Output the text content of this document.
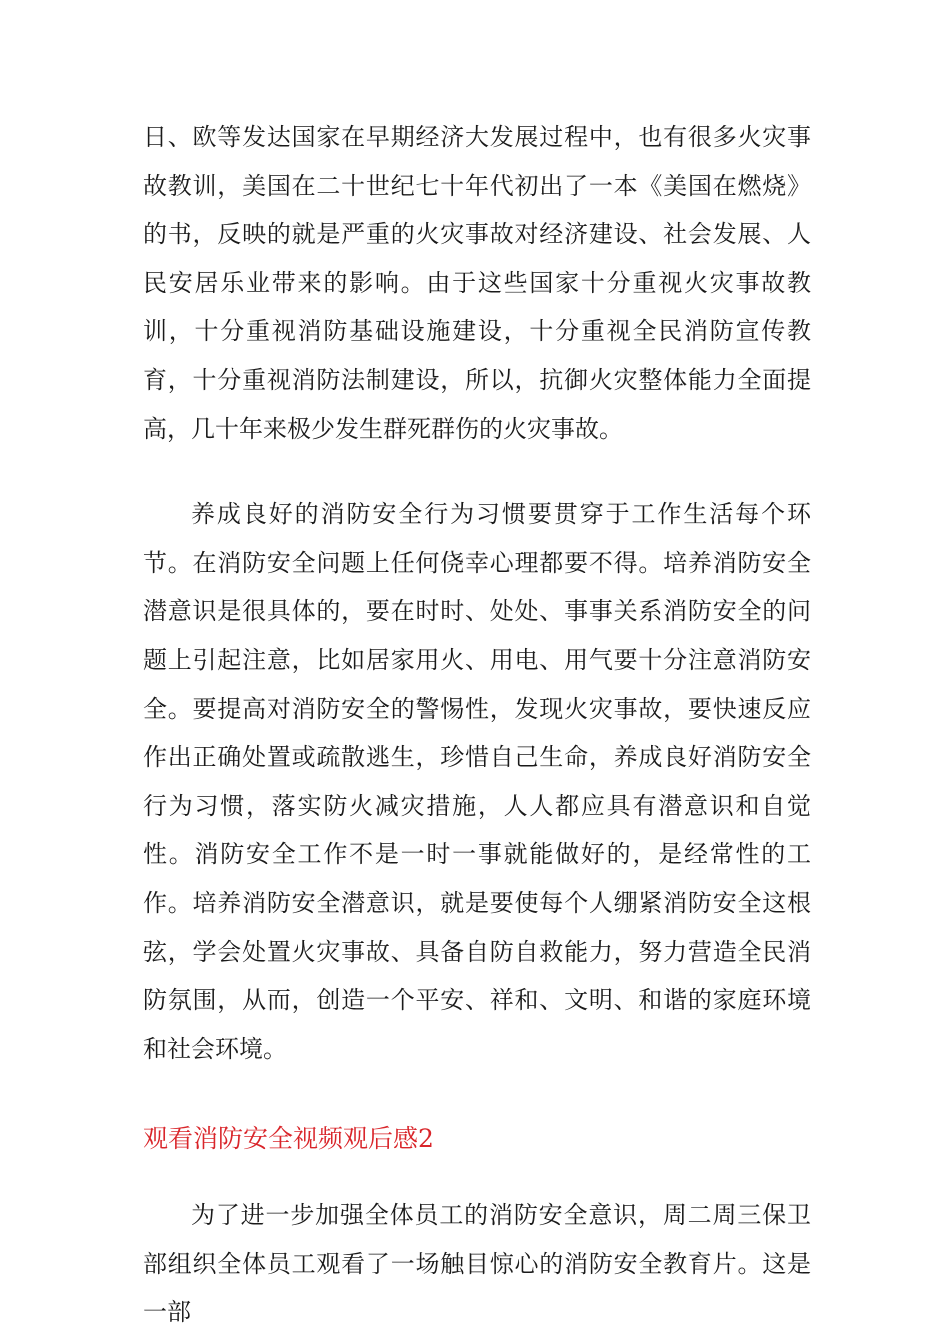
日、欧等发达国家在早期经济大发展过程中，也有很多火灾事故教训，美国在二十世纪七十年代初出了一本《美国在燃烧》的书，反映的就是严重的火灾事故对经济建设、社会发展、人民安居乐业带来的影响。由于这些国家十分重视火灾事故教训，十分重视消防基础设施建设，十分重视全民消防宣传教育，十分重视消防法制建设，所以，抗御火灾整体能力全面提高，几十年来极少发生群死群伤的火灾事故。

养成良好的消防安全行为习惯要贯穿于工作生活每个环节。在消防安全问题上任何侥幸心理都要不得。培养消防安全潜意识是很具体的，要在时时、处处、事事关系消防安全的问题上引起注意，比如居家用火、用电、用气要十分注意消防安全。要提高对消防安全的警惕性，发现火灾事故，要快速反应作出正确处置或疏散逃生，珍惜自己生命，养成良好消防安全行为习惯，落实防火减灾措施，人人都应具有潜意识和自觉性。消防安全工作不是一时一事就能做好的，是经常性的工作。培养消防安全潜意识，就是要使每个人绷紧消防安全这根弦，学会处置火灾事故、具备自防自救能力，努力营造全民消防氛围，从而，创造一个平安、祥和、文明、和谐的家庭环境和社会环境。

观看消防安全视频观后感2

为了进一步加强全体员工的消防安全意识，周二周三保卫部组织全体员工观看了一场触目惊心的消防安全教育片。这是一部
